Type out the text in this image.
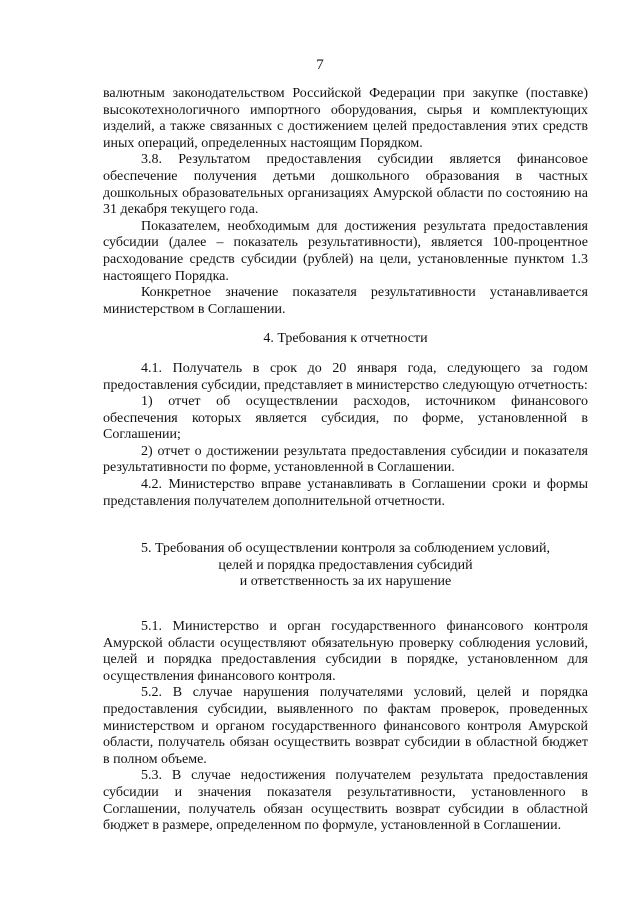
7

валютным законодательством Российской Федерации при закупке (поставке) высокотехнологичного импортного оборудования, сырья и комплектующих изделий, а также связанных с достижением целей предоставления этих средств иных операций, определенных настоящим Порядком.

3.8. Результатом предоставления субсидии является финансовое обеспечение получения детьми дошкольного образования в частных дошкольных образовательных организациях Амурской области по состоянию на 31 декабря текущего года.

Показателем, необходимым для достижения результата предоставления субсидии (далее – показатель результативности), является 100-процентное расходование средств субсидии (рублей) на цели, установленные пунктом 1.3 настоящего Порядка.

Конкретное значение показателя результативности устанавливается министерством в Соглашении.

4. Требования к отчетности

4.1. Получатель в срок до 20 января года, следующего за годом предоставления субсидии, представляет в министерство следующую отчетность:

1) отчет об осуществлении расходов, источником финансового обеспечения которых является субсидия, по форме, установленной в Соглашении;

2) отчет о достижении результата предоставления субсидии и показателя результативности по форме, установленной в Соглашении.

4.2. Министерство вправе устанавливать в Соглашении сроки и формы представления получателем дополнительной отчетности.

5. Требования об осуществлении контроля за соблюдением условий,
целей и порядка предоставления субсидий
и ответственность за их нарушение

5.1. Министерство и орган государственного финансового контроля Амурской области осуществляют обязательную проверку соблюдения условий, целей и порядка предоставления субсидии в порядке, установленном для осуществления финансового контроля.

5.2. В случае нарушения получателями условий, целей и порядка предоставления субсидии, выявленного по фактам проверок, проведенных министерством и органом государственного финансового контроля Амурской области, получатель обязан осуществить возврат субсидии в областной бюджет в полном объеме.

5.3. В случае недостижения получателем результата предоставления субсидии и значения показателя результативности, установленного в Соглашении, получатель обязан осуществить возврат субсидии в областной бюджет в размере, определенном по формуле, установленной в Соглашении.
